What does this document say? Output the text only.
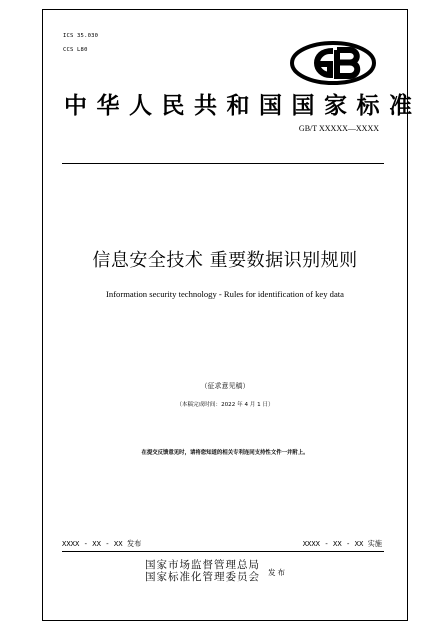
ICS 35.030
CCS L80
中华人民共和国国家标准
GB/T XXXXX—XXXX
信息安全技术 重要数据识别规则
Information security technology - Rules for identification of key data
（征求意见稿）
（本稿完成时间：2022 年 4 月 1 日）
在提交反馈意见时，请将您知道的相关专利连同支持性文件一并附上。
XXXX - XX - XX 发布	XXXX - XX - XX 实施
国家市场监督管理总局
国家标准化管理委员会 发布
